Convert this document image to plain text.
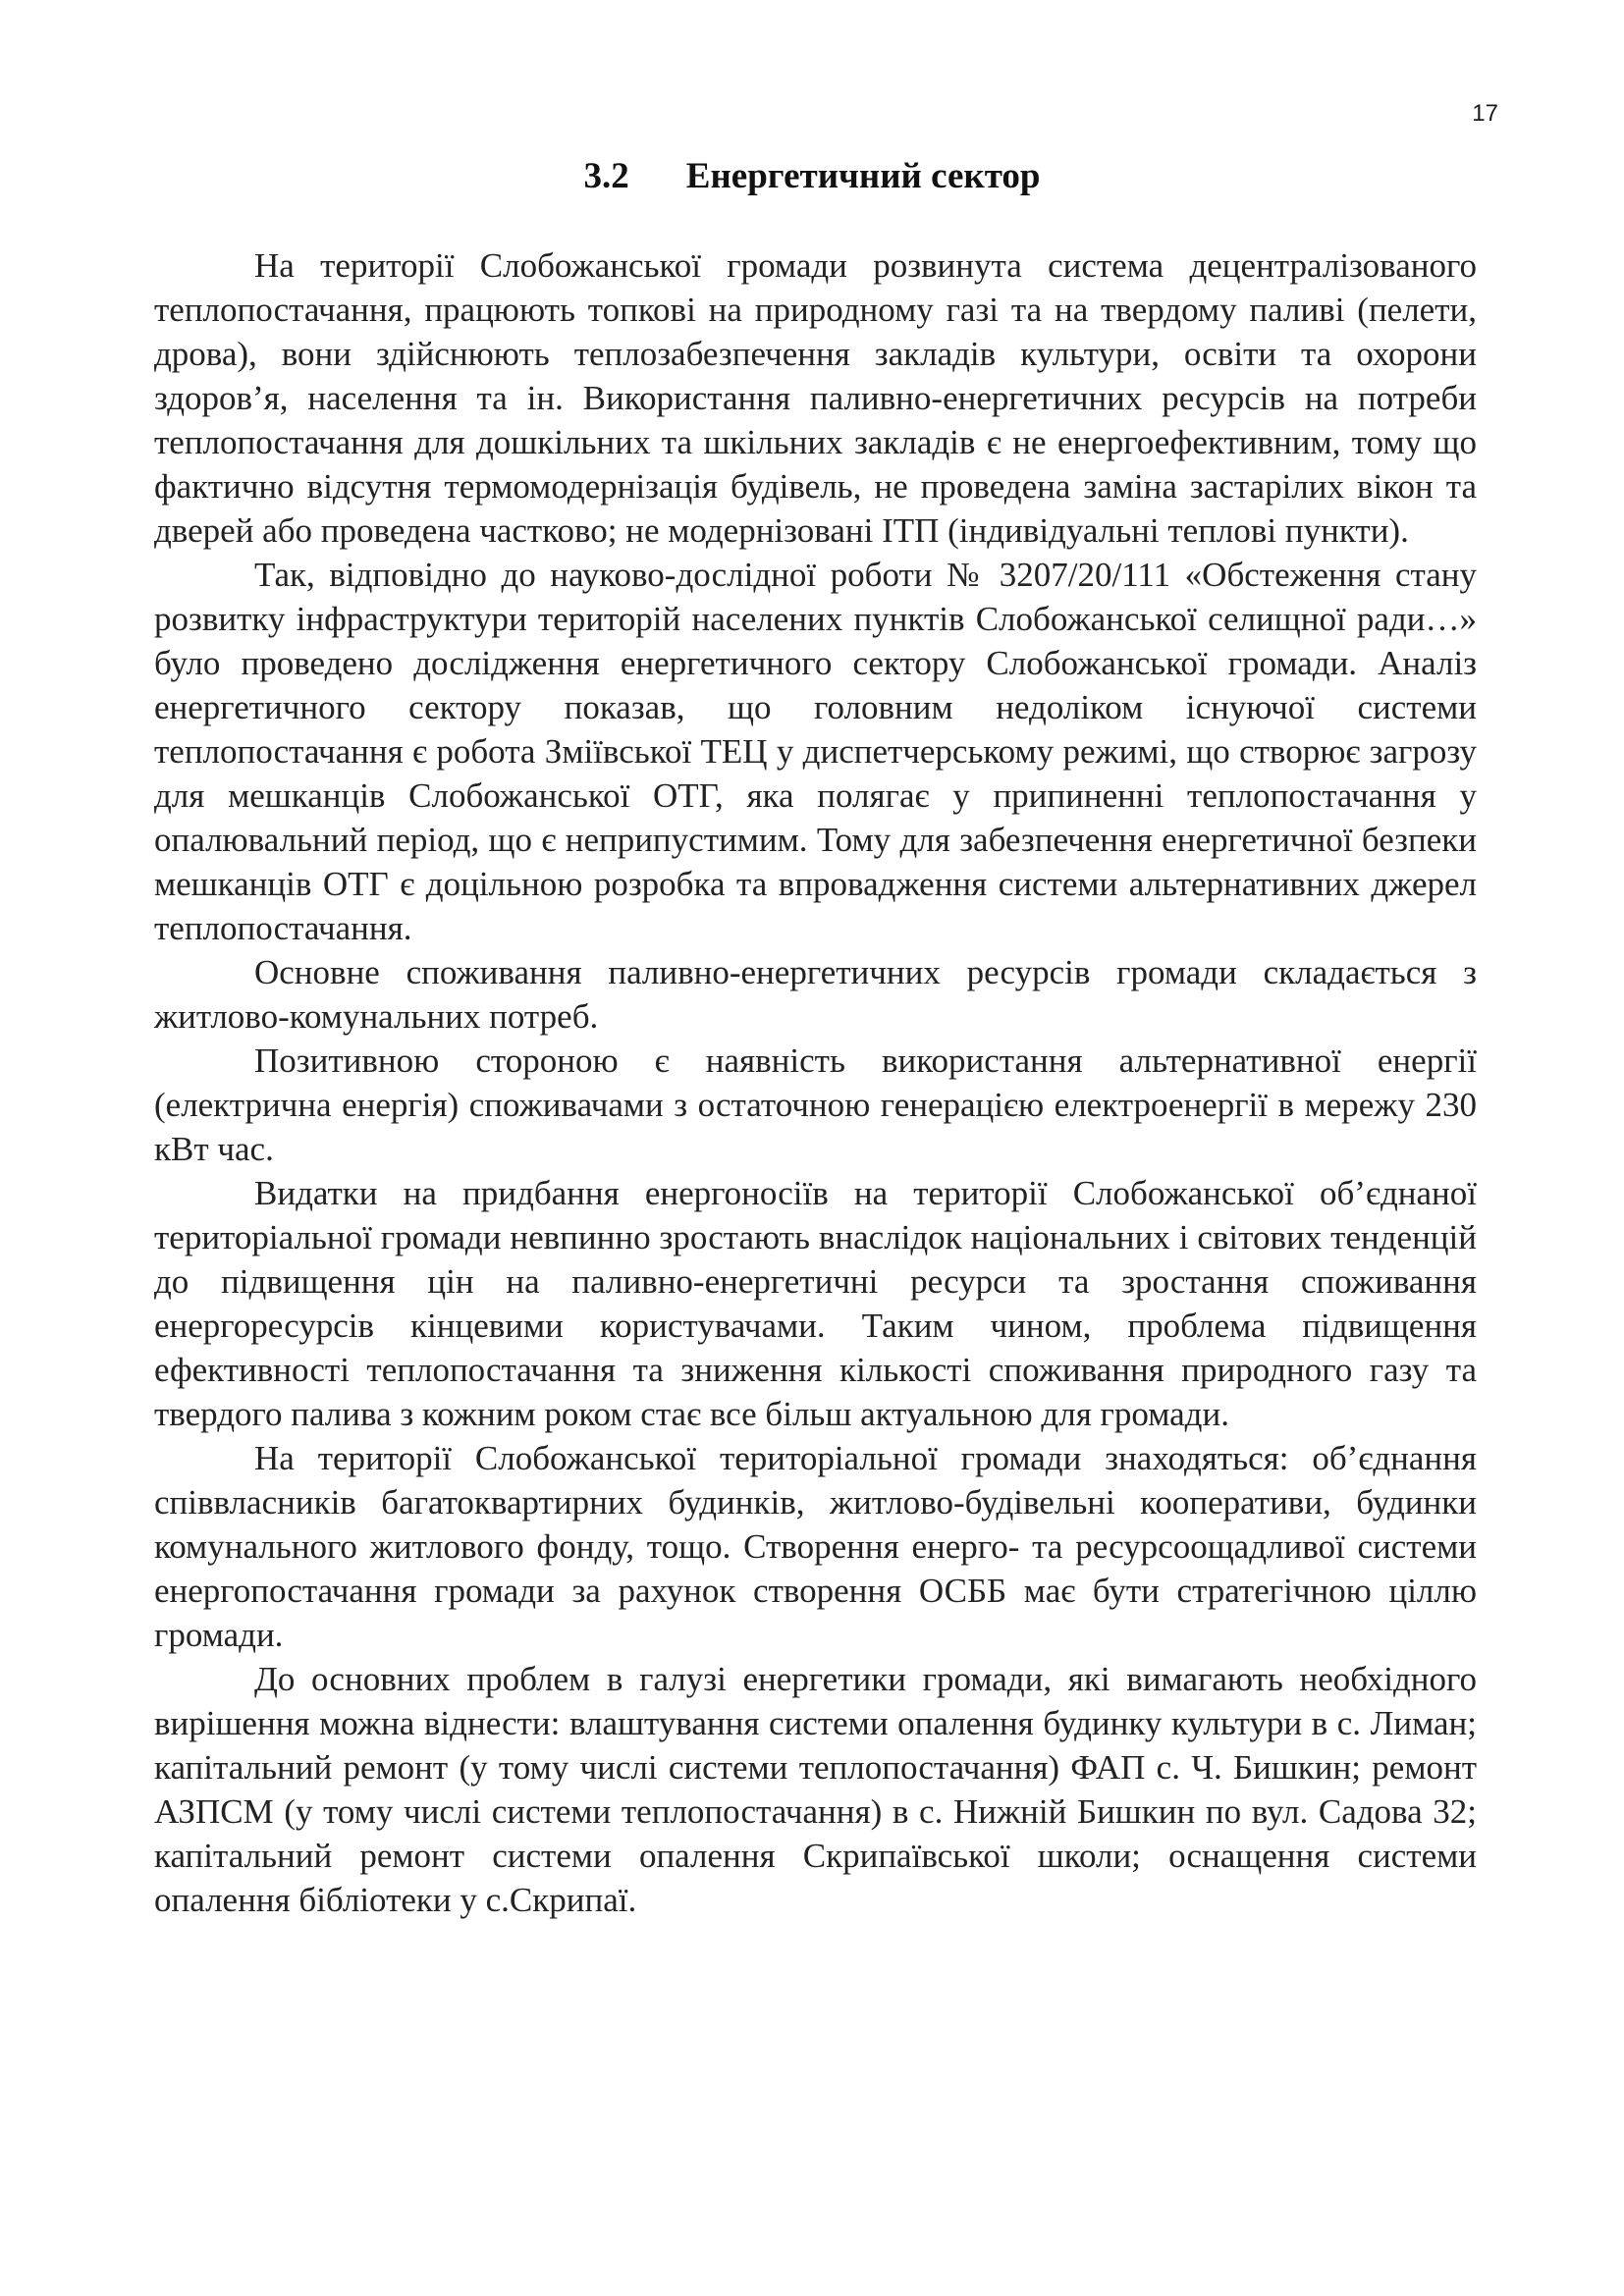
17
3.2 Енергетичний сектор

На території Слобожанської громади розвинута система децентралізованого теплопостачання, працюють топкові на природному газі та на твердому паливі (пелети, дрова), вони здійснюють теплозабезпечення закладів культури, освіти та охорони здоров’я, населення та ін. Використання паливно-енергетичних ресурсів на потреби теплопостачання для дошкільних та шкільних закладів є не енергоефективним, тому що фактично відсутня термомодернізація будівель, не проведена заміна застарілих вікон та дверей або проведена частково; не модернізовані ІТП (індивідуальні теплові пункти).

Так, відповідно до науково-дослідної роботи № 3207/20/111 «Обстеження стану розвитку інфраструктури територій населених пунктів Слобожанської селищної ради…» було проведено дослідження енергетичного сектору Слобожанської громади. Аналіз енергетичного сектору показав, що головним недоліком існуючої системи теплопостачання є робота Зміївської ТЕЦ у диспетчерському режимі, що створює загрозу для мешканців Слобожанської ОТГ, яка полягає у припиненні теплопостачання у опалювальний період, що є неприпустимим. Тому для забезпечення енергетичної безпеки мешканців ОТГ є доцільною розробка та впровадження системи альтернативних джерел теплопостачання.

Основне споживання паливно-енергетичних ресурсів громади складається з житлово-комунальних потреб.

Позитивною стороною є наявність використання альтернативної енергії (електрична енергія) споживачами з остаточною генерацією електроенергії в мережу 230 кВт час.

Видатки на придбання енергоносіїв на території Слобожанської об’єднаної територіальної громади невпинно зростають внаслідок національних і світових тенденцій до підвищення цін на паливно-енергетичні ресурси та зростання споживання енергоресурсів кінцевими користувачами. Таким чином, проблема підвищення ефективності теплопостачання та зниження кількості споживання природного газу та твердого палива з кожним роком стає все більш актуальною для громади.

На території Слобожанської територіальної громади знаходяться: об’єднання співвласників багатоквартирних будинків, житлово-будівельні кооперативи, будинки комунального житлового фонду, тощо. Створення енерго- та ресурсоощадливої системи енергопостачання громади за рахунок створення ОСББ має бути стратегічною ціллю громади.

До основних проблем в галузі енергетики громади, які вимагають необхідного вирішення можна віднести: влаштування системи опалення будинку культури в с. Лиман; капітальний ремонт (у тому числі системи теплопостачання) ФАП с. Ч. Бишкин; ремонт АЗПСМ (у тому числі системи теплопостачання) в с. Нижній Бишкин по вул. Садова 32; капітальний ремонт системи опалення Скрипаївської школи; оснащення системи опалення бібліотеки у с.Скрипаї.
